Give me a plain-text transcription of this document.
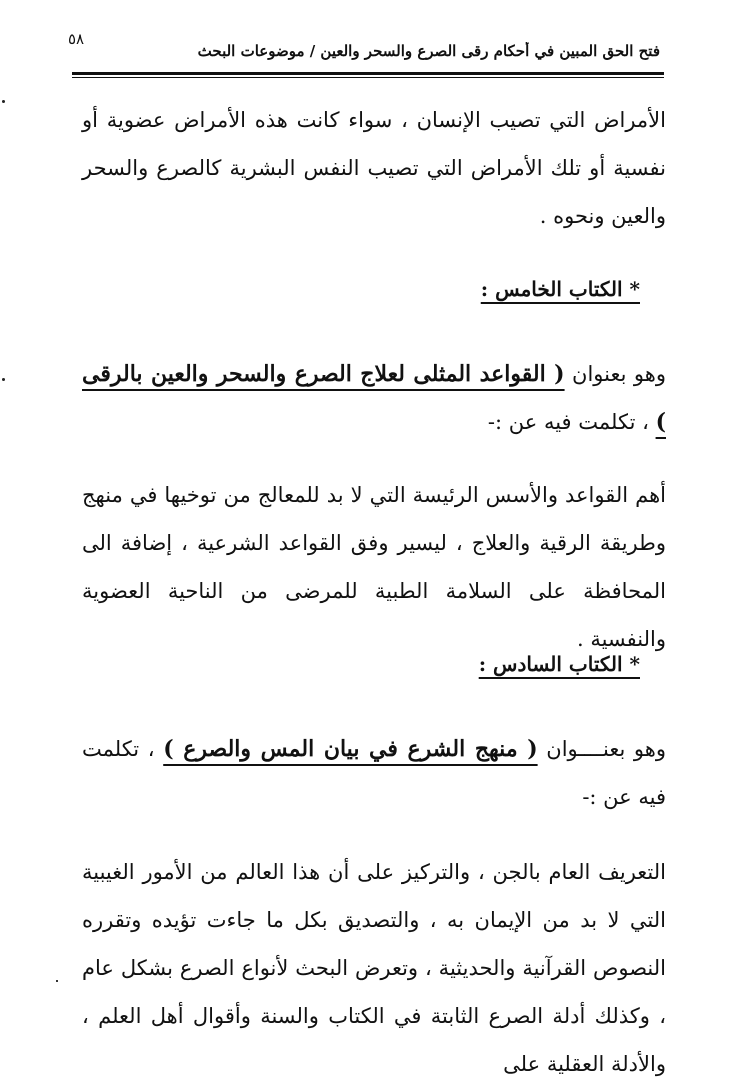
٥٨
فتح الحق المبين في أحكام رقى الصرع والسحر والعين / موضوعات البحث
الأمراض التي تصيب الإنسان ، سواء كانت هذه الأمراض عضوية أو نفسية أو تلك الأمراض التي تصيب النفس البشرية كالصرع والسحر والعين ونحوه .
* الكتاب الخامس :
وهو بعنوان ( القواعد المثلى لعلاج الصرع والسحر والعين بالرقى ) ، تكلمت فيه عن :-
أهم القواعد والأسس الرئيسة التي لا بد للمعالج من توخيها في منهج وطريقة الرقية والعلاج ، ليسير وفق القواعد الشرعية ، إضافة الى المحافظة على السلامة الطبية للمرضى من الناحية العضوية والنفسية .
* الكتاب السادس :
وهو بعنــــوان ( منهج الشرع في بيان المس والصرع ) ، تكلمت فيه عن :-
التعريف العام بالجن ، والتركيز على أن هذا العالم من الأمور الغيبية التي لا بد من الإيمان به ، والتصديق بكل ما جاءت تؤيده وتقرره النصوص القرآنية والحديثية ، وتعرض البحث لأنواع الصرع بشكل عام ، وكذلك أدلة الصرع الثابتة في الكتاب والسنة وأقوال أهل العلم ، والأدلة العقلية على
